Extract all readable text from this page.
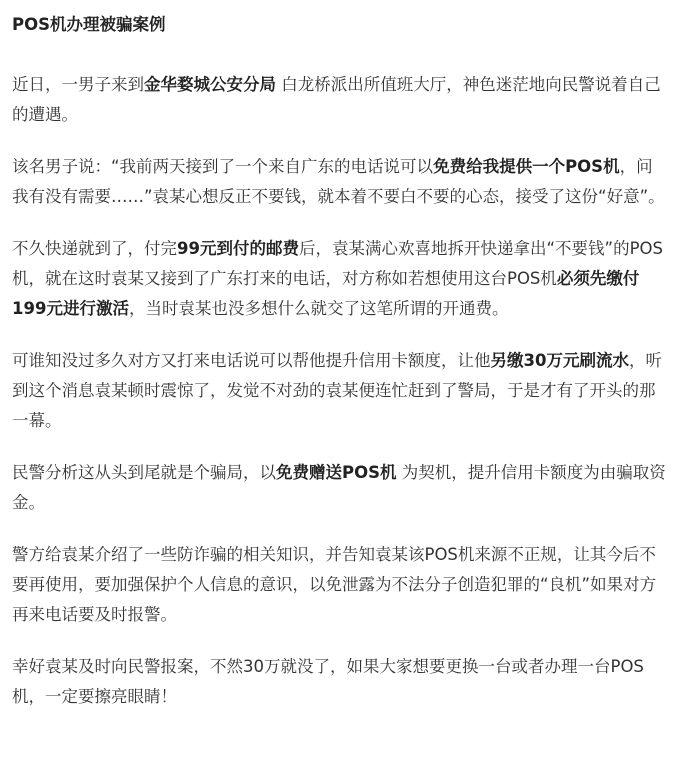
POS机办理被骗案例

近日，一男子来到金华婺城公安分局 白龙桥派出所值班大厅，神色迷茫地向民警说着自己的遭遇。

该名男子说：“我前两天接到了一个来自广东的电话说可以免费给我提供一个POS机，问我有没有需要……”袁某心想反正不要钱，就本着不要白不要的心态，接受了这份“好意”。

不久快递就到了，付完99元到付的邮费后，袁某满心欢喜地拆开快递拿出“不要钱”的POS机，就在这时袁某又接到了广东打来的电话，对方称如若想使用这台POS机必须先缴付199元进行激活，当时袁某也没多想什么就交了这笔所谓的开通费。

可谁知没过多久对方又打来电话说可以帮他提升信用卡额度，让他另缴30万元刷流水，听到这个消息袁某顿时震惊了，发觉不对劲的袁某便连忙赶到了警局，于是才有了开头的那一幕。

民警分析这从头到尾就是个骗局，以免费赠送POS机 为契机，提升信用卡额度为由骗取资金。

警方给袁某介绍了一些防诈骗的相关知识，并告知袁某该POS机来源不正规，让其今后不要再使用，要加强保护个人信息的意识，以免泄露为不法分子创造犯罪的“良机”如果对方再来电话要及时报警。

幸好袁某及时向民警报案，不然30万就没了，如果大家想要更换一台或者办理一台POS机，一定要擦亮眼睛！
